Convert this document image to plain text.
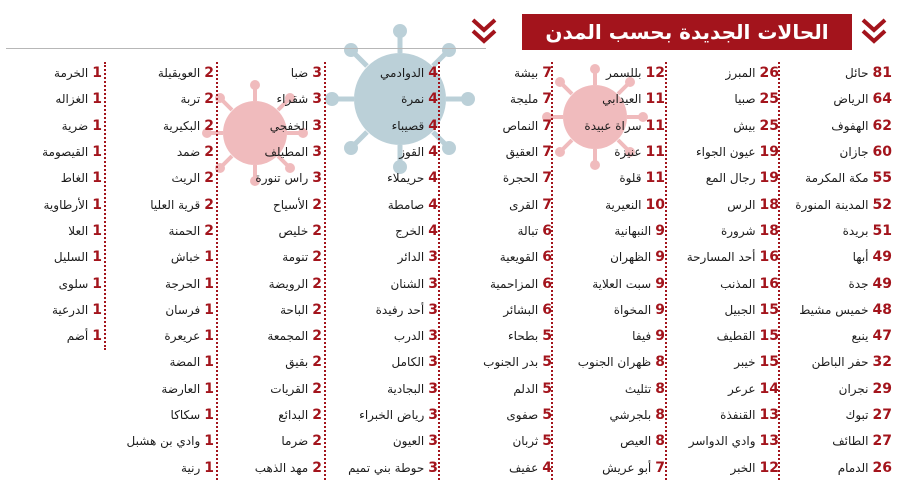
الحالات الجديدة بحسب المدن
81
حائل
64
الرياض
62
الهفوف
60
جازان
55
مكة المكرمة
52
المدينة المنورة
51
بريدة
49
أبها
49
جدة
48
خميس مشيط
47
ينبع
32
حفر الباطن
29
نجران
27
تبوك
27
الطائف
26
الدمام
26
المبرز
25
صبيا
25
بيش
19
عيون الجواء
19
رجال المع
18
الرس
18
شرورة
16
أحد المسارحة
16
المذنب
15
الجبيل
15
القطيف
15
خيبر
14
عرعر
13
القنفذة
13
وادي الدواسر
12
الخبر
12
بللسمر
11
العيدابي
11
سراة عبيدة
11
عنيزة
11
قلوة
10
النعيرية
9
النبهانية
9
الظهران
9
سبت العلاية
9
المخواة
9
فيفا
8
ظهران الجنوب
8
تثليث
8
بلجرشي
8
العيص
7
أبو عريش
7
بيشة
7
مليجة
7
النماص
7
العقيق
7
الحجرة
7
القرى
6
تبالة
6
القويعية
6
المزاحمية
6
البشائر
5
بطحاء
5
بدر الجنوب
5
الدلم
5
صفوى
5
ثربان
4
عفيف
4
الدوادمي
4
نمرة
4
قصيباء
4
القوز
4
حريملاء
4
صامطة
4
الخرج
3
الدائر
3
الشنان
3
أحد رفيدة
3
الدرب
3
الكامل
3
البجادية
3
رياض الخبراء
3
العيون
3
حوطة بني تميم
3
ضبا
3
شقراء
3
الخفجي
3
المطيلف
3
راس تنورة
2
الأسياح
2
خليص
2
تنومة
2
الرويضة
2
الباحة
2
المجمعة
2
بقيق
2
القريات
2
البدائع
2
ضرما
2
مهد الذهب
2
العويقيلة
2
تربة
2
البكيرية
2
ضمد
2
الريث
2
قرية العليا
2
الحمنة
1
خباش
1
الحرجة
1
فرسان
1
عريعرة
1
المضة
1
العارضة
1
سكاكا
1
وادي بن هشبل
1
رنية
1
الخرمة
1
الغزاله
1
ضرية
1
القيصومة
1
الغاط
1
الأرطاوية
1
العلا
1
السليل
1
سلوى
1
الدرعية
1
أضم
